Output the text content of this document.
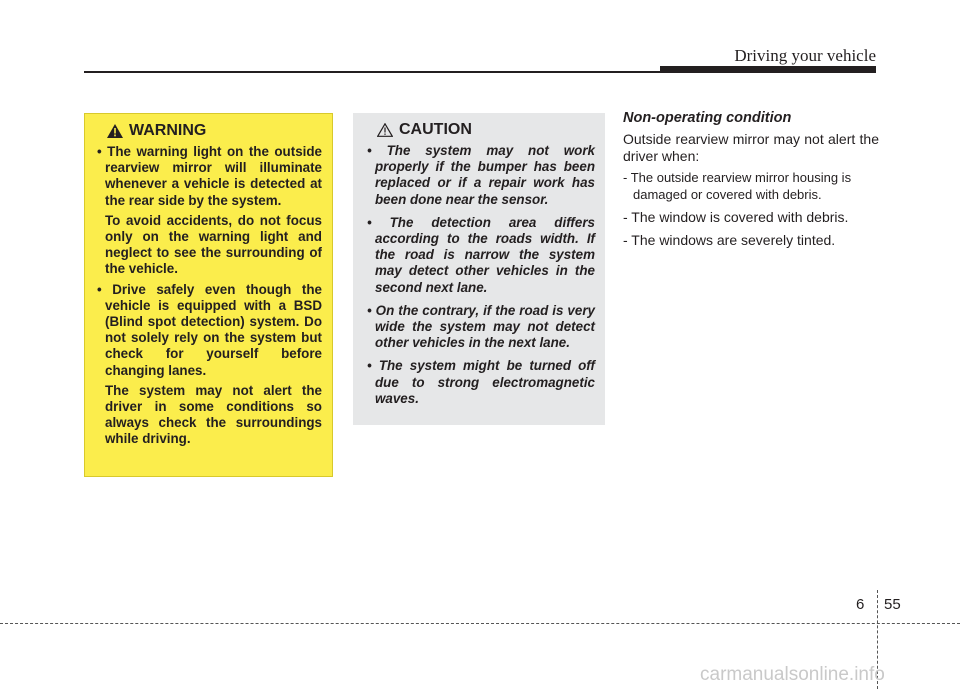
Driving your vehicle
WARNING
• The warning light on the outside rearview mirror will illuminate whenever a vehicle is detected at the rear side by the system.
To avoid accidents, do not focus only on the warning light and neglect to see the surrounding of the vehicle.
• Drive safely even though the vehicle is equipped with a BSD (Blind spot detection) system. Do not solely rely on the system but check for yourself before changing lanes.
The system may not alert the driver in some conditions so always check the surroundings while driving.
CAUTION
• The system may not work properly if the bumper has been replaced or if a repair work has been done near the sensor.
• The detection area differs according to the roads width. If the road is narrow the system may detect other vehicles in the second next lane.
• On the contrary, if the road is very wide the system may not detect other vehicles in the next lane.
• The system might be turned off due to strong electromagnetic waves.
Non-operating condition

Outside rearview mirror may not alert the driver when:

- The outside rearview mirror housing is damaged or covered with debris.
- The window is covered with debris.
- The windows are severely tinted.
6 55
carmanualsonline.info
